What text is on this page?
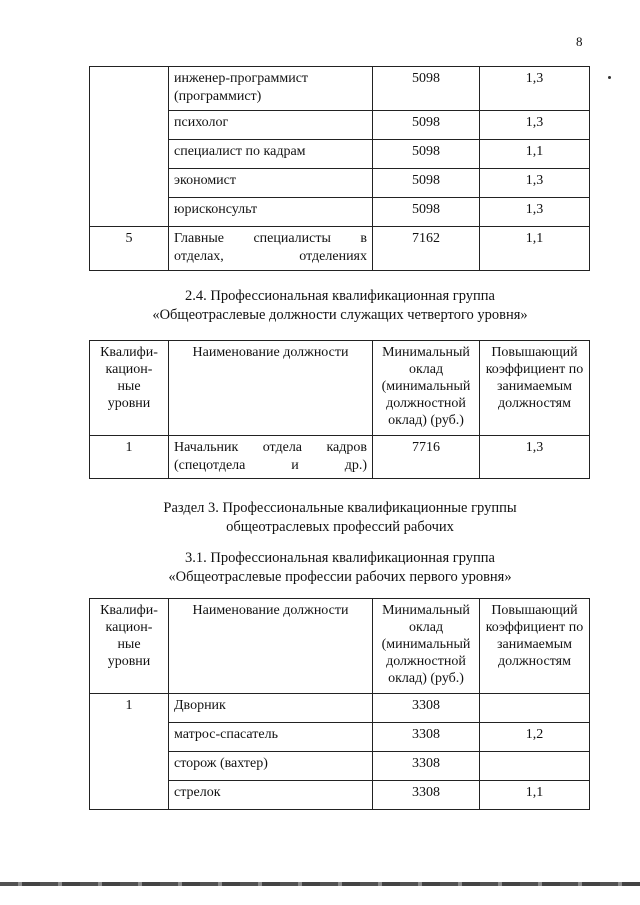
8
	инженер-программист (программист)	5098	1,3
	психолог	5098	1,3
	специалист по кадрам	5098	1,1
	экономист	5098	1,3
	юрисконсульт	5098	1,3
5	Главные специалисты в отделах, отделениях	7162	1,1
2.4. Профессиональная квалификационная группа
«Общеотраслевые должности служащих четвертого уровня»
Квалифи-кацион-ные уровни	Наименование должности	Минимальный оклад (минимальный должностной оклад) (руб.)	Повышающий коэффициент по занимаемым должностям
1	Начальник отдела кадров (спецотдела и др.)	7716	1,3
Раздел 3. Профессиональные квалификационные группы
общеотраслевых профессий рабочих
3.1. Профессиональная квалификационная группа
«Общеотраслевые профессии рабочих первого уровня»
Квалифи-кацион-ные уровни	Наименование должности	Минимальный оклад (минимальный должностной оклад) (руб.)	Повышающий коэффициент по занимаемым должностям
1	Дворник	3308	
	матрос-спасатель	3308	1,2
	сторож (вахтер)	3308	
	стрелок	3308	1,1
